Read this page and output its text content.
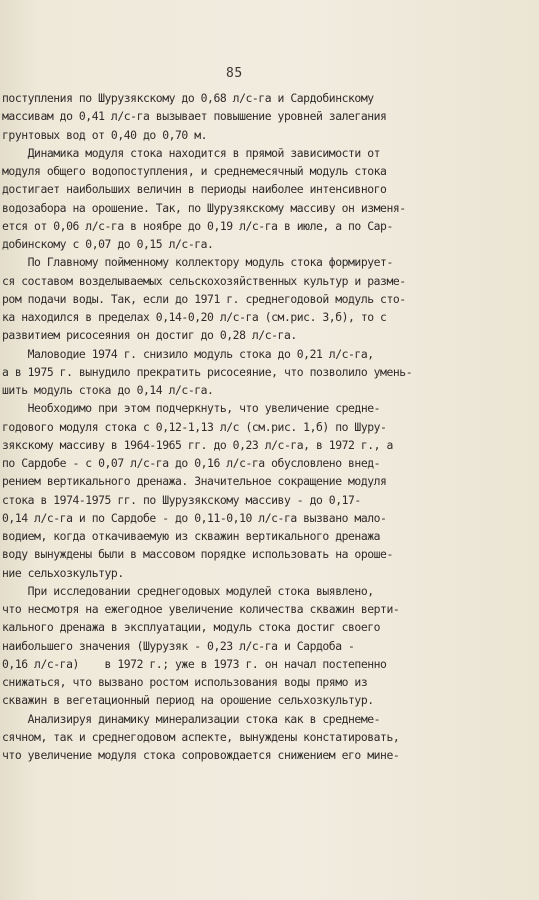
85
поступления по Шурузякскому до 0,68 л/с-га и Сардобинскому
массивам до 0,41 л/с-га вызывает повышение уровней залегания
грунтовых вод от 0,40 до 0,70 м.
Динамика модуля стока находится в прямой зависимости от
модуля общего водопоступления, и среднемесячный модуль стока
достигает наибольших величин в периоды наиболее интенсивного
водозабора на орошение. Так, по Шурузякскому массиву он изменя-
ется от 0,06 л/с-га в ноябре до 0,19 л/с-га в июле, а по Сар-
добинскому с 0,07 до 0,15 л/с-га.
По Главному пойменному коллектору модуль стока формирует-
ся составом возделываемых сельскохозяйственных культур и разме-
ром подачи воды. Так, если до 1971 г. среднегодовой модуль сто-
ка находился в пределах 0,14-0,20 л/с-га (см.рис. 3,б), то с
развитием рисосеяния он достиг до 0,28 л/с-га.
Маловодие 1974 г. снизило модуль стока до 0,21 л/с-га,
а в 1975 г. вынудило прекратить рисосеяние, что позволило умень-
шить модуль стока до 0,14 л/с-га.
Необходимо при этом подчеркнуть, что увеличение средне-
годового модуля стока с 0,12-1,13 л/с (см.рис. 1,б) по Шуру-
зякскому массиву в 1964-1965 гг. до 0,23 л/с-га, в 1972 г., а
по Сардобе - с 0,07 л/с-га до 0,16 л/с-га обусловлено внед-
рением вертикального дренажа. Значительное сокращение модуля
стока в 1974-1975 гг. по Шурузякскому массиву - до 0,17-
0,14 л/с-га и по Сардобе - до 0,11-0,10 л/с-га вызвано мало-
водием, когда откачиваемую из скважин вертикального дренажа
воду вынуждены были в массовом порядке использовать на ороше-
ние сельхозкультур.
При исследовании среднегодовых модулей стока выявлено,
что несмотря на ежегодное увеличение количества скважин верти-
кального дренажа в эксплуатации, модуль стока достиг своего
наибольшего значения (Шурузяк - 0,23 л/с-га и Сардоба -
0,16 л/с-га)    в 1972 г.; уже в 1973 г. он начал постепенно
снижаться, что вызвано ростом использования воды прямо из
скважин в вегетационный период на орошение сельхозкультур.
Анализируя динамику минерализации стока как в среднеме-
сячном, так и среднегодовом аспекте, вынуждены констатировать,
что увеличение модуля стока сопровождается снижением его мине-
